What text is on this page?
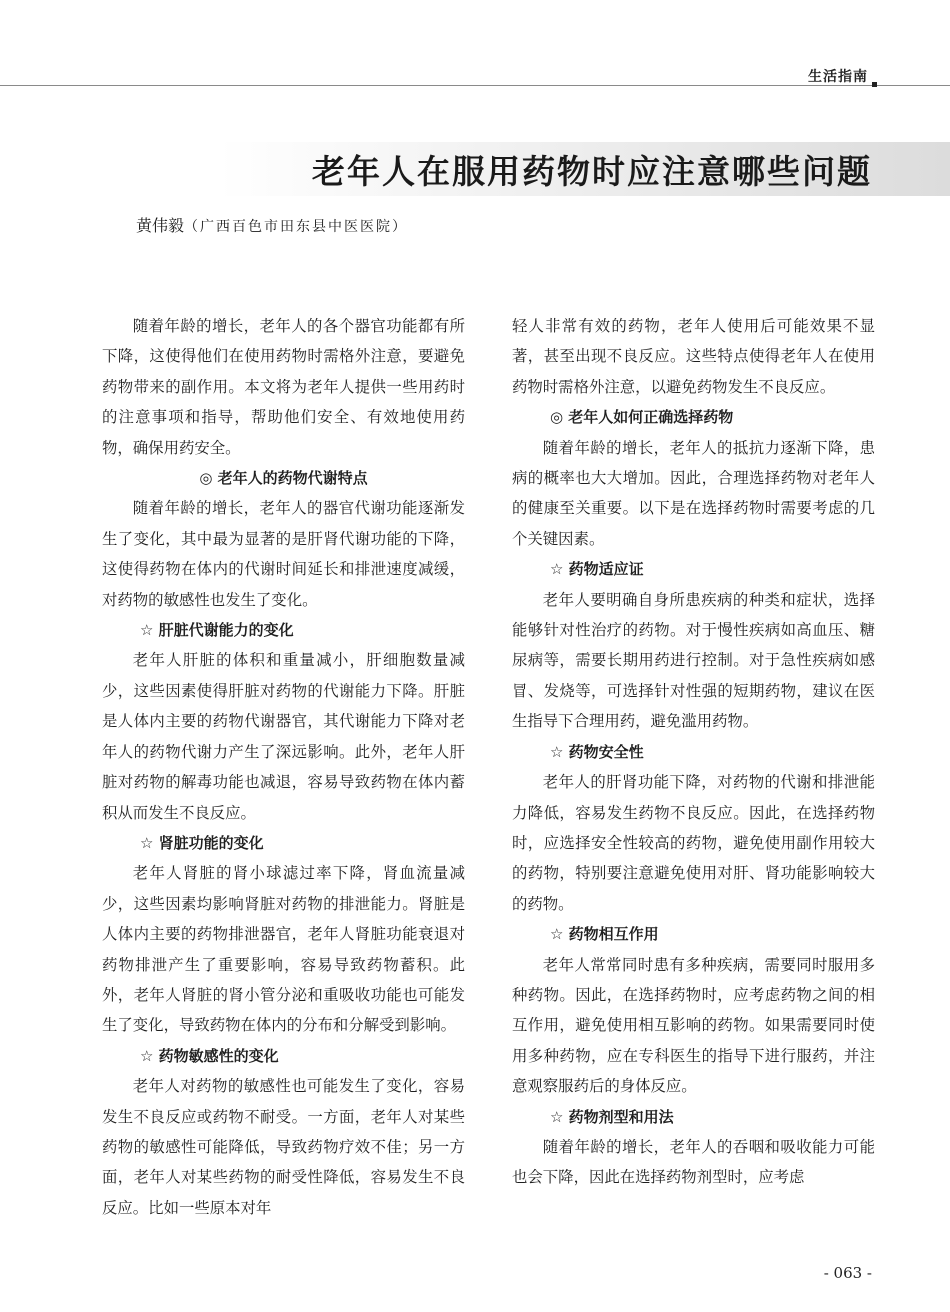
生活指南
老年人在服用药物时应注意哪些问题
黄伟毅（广西百色市田东县中医医院）

随着年龄的增长，老年人的各个器官功能都有所下降，这使得他们在使用药物时需格外注意，要避免药物带来的副作用。本文将为老年人提供一些用药时的注意事项和指导，帮助他们安全、有效地使用药物，确保用药安全。

◎ 老年人的药物代谢特点

随着年龄的增长，老年人的器官代谢功能逐渐发生了变化，其中最为显著的是肝肾代谢功能的下降，这使得药物在体内的代谢时间延长和排泄速度减缓，对药物的敏感性也发生了变化。

☆ 肝脏代谢能力的变化

老年人肝脏的体积和重量减小，肝细胞数量减少，这些因素使得肝脏对药物的代谢能力下降。肝脏是人体内主要的药物代谢器官，其代谢能力下降对老年人的药物代谢力产生了深远影响。此外，老年人肝脏对药物的解毒功能也减退，容易导致药物在体内蓄积从而发生不良反应。

☆ 肾脏功能的变化

老年人肾脏的肾小球滤过率下降，肾血流量减少，这些因素均影响肾脏对药物的排泄能力。肾脏是人体内主要的药物排泄器官，老年人肾脏功能衰退对药物排泄产生了重要影响，容易导致药物蓄积。此外，老年人肾脏的肾小管分泌和重吸收功能也可能发生了变化，导致药物在体内的分布和分解受到影响。

☆ 药物敏感性的变化

老年人对药物的敏感性也可能发生了变化，容易发生不良反应或药物不耐受。一方面，老年人对某些药物的敏感性可能降低，导致药物疗效不佳；另一方面，老年人对某些药物的耐受性降低，容易发生不良反应。比如一些原本对年

轻人非常有效的药物，老年人使用后可能效果不显著，甚至出现不良反应。这些特点使得老年人在使用药物时需格外注意，以避免药物发生不良反应。

◎ 老年人如何正确选择药物

随着年龄的增长，老年人的抵抗力逐渐下降，患病的概率也大大增加。因此，合理选择药物对老年人的健康至关重要。以下是在选择药物时需要考虑的几个关键因素。

☆ 药物适应证

老年人要明确自身所患疾病的种类和症状，选择能够针对性治疗的药物。对于慢性疾病如高血压、糖尿病等，需要长期用药进行控制。对于急性疾病如感冒、发烧等，可选择针对性强的短期药物，建议在医生指导下合理用药，避免滥用药物。

☆ 药物安全性

老年人的肝肾功能下降，对药物的代谢和排泄能力降低，容易发生药物不良反应。因此，在选择药物时，应选择安全性较高的药物，避免使用副作用较大的药物，特别要注意避免使用对肝、肾功能影响较大的药物。

☆ 药物相互作用

老年人常常同时患有多种疾病，需要同时服用多种药物。因此，在选择药物时，应考虑药物之间的相互作用，避免使用相互影响的药物。如果需要同时使用多种药物，应在专科医生的指导下进行服药，并注意观察服药后的身体反应。

☆ 药物剂型和用法

随着年龄的增长，老年人的吞咽和吸收能力可能也会下降，因此在选择药物剂型时，应考虑

- 063 -
